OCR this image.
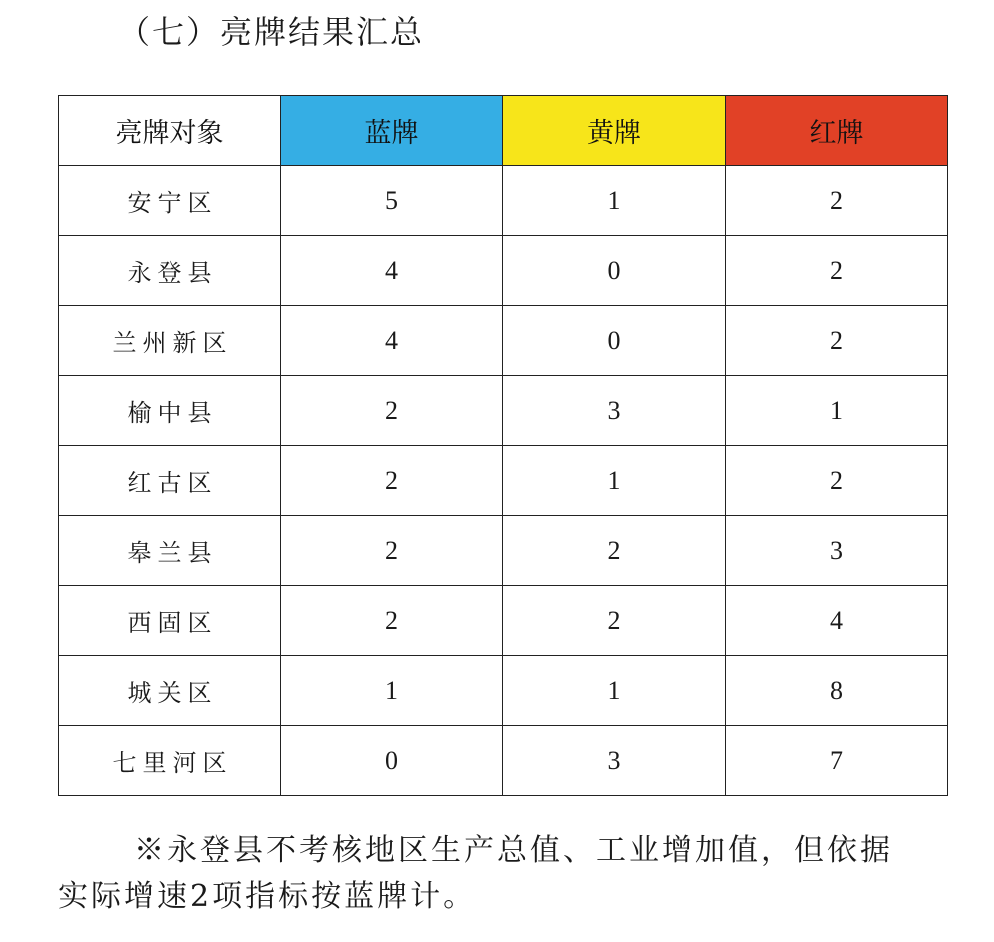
（七）亮牌结果汇总
亮牌对象	蓝牌	黄牌	红牌
安宁区	5	1	2
永登县	4	0	2
兰州新区	4	0	2
榆中县	2	3	1
红古区	2	1	2
皋兰县	2	2	3
西固区	2	2	4
城关区	1	1	8
七里河区	0	3	7
※永登县不考核地区生产总值、工业增加值，但依据
实际增速2项指标按蓝牌计。
